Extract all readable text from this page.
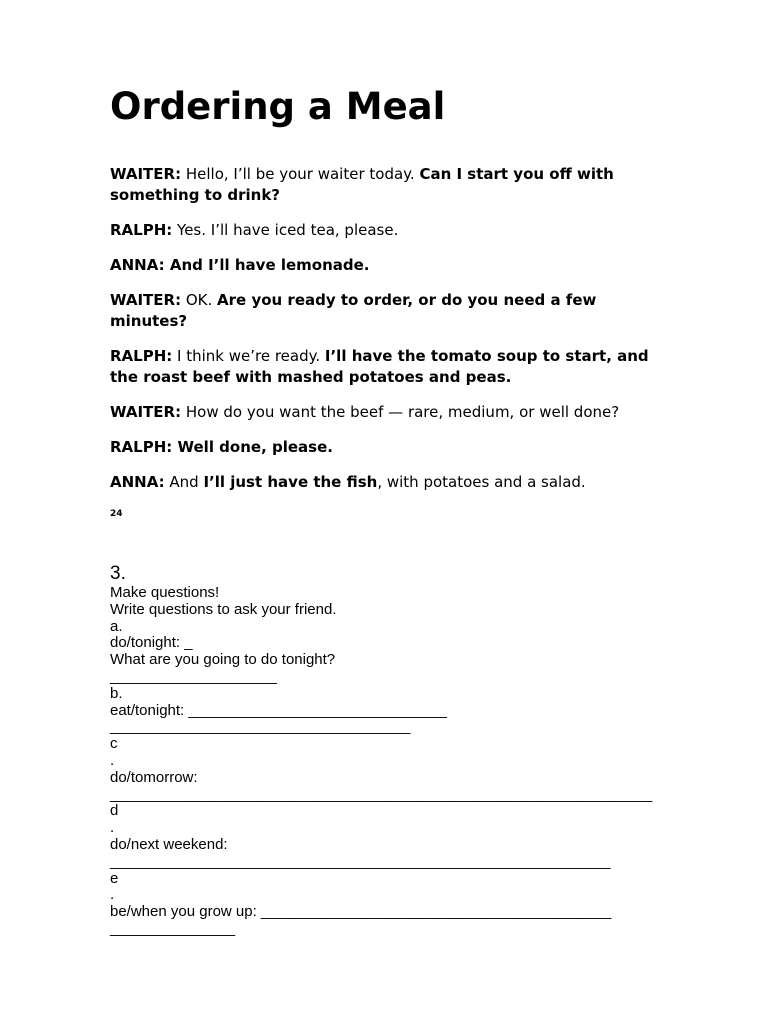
Ordering a Meal

WAITER: Hello, I’ll be your waiter today. Can I start you off with something to drink?

RALPH: Yes. I’ll have iced tea, please.

ANNA: And I’ll have lemonade.

WAITER: OK. Are you ready to order, or do you need a few minutes?

RALPH: I think we’re ready. I’ll have the tomato soup to start, and the roast beef with mashed potatoes and peas.

WAITER: How do you want the beef — rare, medium, or well done?

RALPH: Well done, please.

ANNA: And I’ll just have the fish, with potatoes and a salad.

24
3.
Make questions!
Write questions to ask your friend.
a.
do/tonight: _
What are you going to do tonight?
____________________
b.
eat/tonight: _______________________________
____________________________________
c
.
do/tomorrow:
_________________________________________________________________
d
.
do/next weekend:
____________________________________________________________
e
.
be/when you grow up: __________________________________________
_______________
